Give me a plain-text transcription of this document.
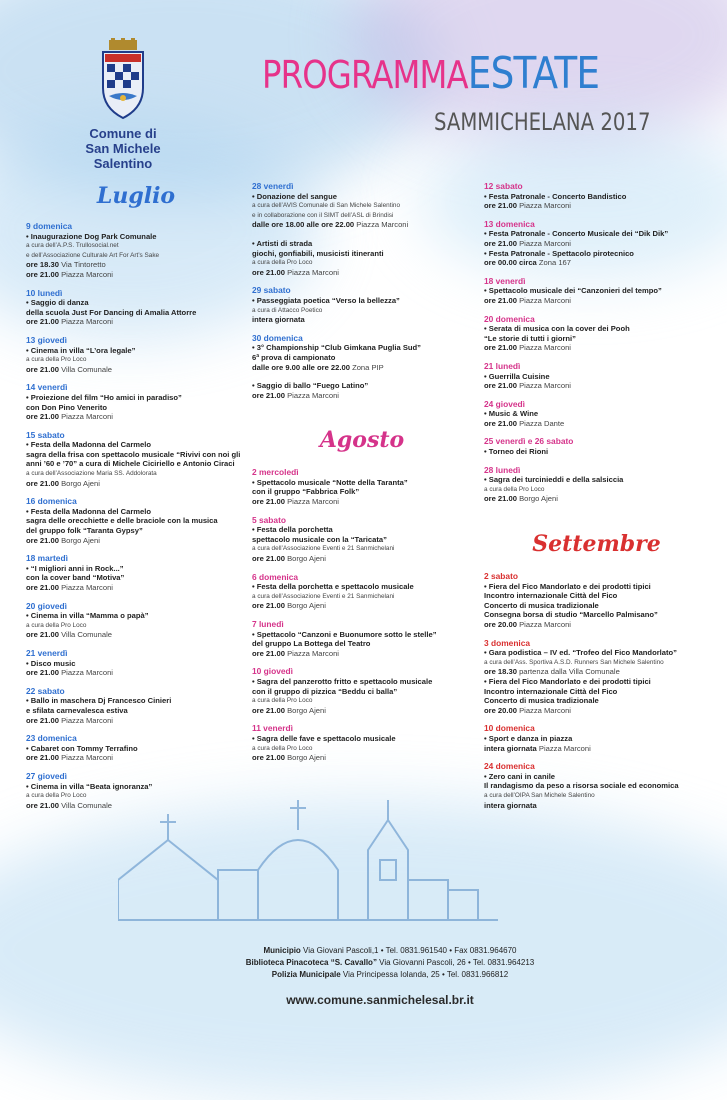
Comune di
San Michele Salentino
PROGRAMMAESTATE
SAMMICHELANA 2017
Luglio
9 domenica
• Inaugurazione Dog Park Comunale
a cura dell’A.P.S. Trullosocial.net
e dell’Associazione Culturale Art For Art’s Sake
ore 18.30 Via Tintoretto
ore 21.00 Piazza Marconi
10 lunedì
• Saggio di danza
della scuola Just For Dancing di Amalia Attorre
ore 21.00 Piazza Marconi
13 giovedì
• Cinema in villa “L’ora legale”
a cura della Pro Loco
ore 21.00 Villa Comunale
14 venerdì
• Proiezione del film “Ho amici in paradiso”
con Don Pino Venerito
ore 21.00 Piazza Marconi
15 sabato
• Festa della Madonna del Carmelo
sagra della frisa con spettacolo musicale “Rivivi con noi gli
anni ’60 e ’70” a cura di Michele Ciciriello e Antonio Ciraci
a cura dell’Associazione Maria SS. Addolorata
ore 21.00 Borgo Ajeni
16 domenica
• Festa della Madonna del Carmelo
sagra delle orecchiette e delle braciole con la musica
del gruppo folk “Taranta Gypsy”
ore 21.00 Borgo Ajeni
18 martedì
• “I migliori anni in Rock...”
con la cover band “Motiva”
ore 21.00 Piazza Marconi
20 giovedì
• Cinema in villa “Mamma o papà”
a cura della Pro Loco
ore 21.00 Villa Comunale
21 venerdì
• Disco music
ore 21.00 Piazza Marconi
22 sabato
• Ballo in maschera Dj Francesco Cinieri
e sfilata carnevalesca estiva
ore 21.00 Piazza Marconi
23 domenica
• Cabaret con Tommy Terrafino
ore 21.00 Piazza Marconi
27 giovedì
• Cinema in villa “Beata ignoranza”
a cura della Pro Loco
ore 21.00 Villa Comunale
28 venerdì
• Donazione del sangue
a cura dell’AVIS Comunale di San Michele Salentino
e in collaborazione con il SIMT dell’ASL di Brindisi
dalle ore 18.00 alle ore 22.00 Piazza Marconi
• Artisti di strada
giochi, gonfiabili, musicisti itineranti
a cura della Pro Loco
ore 21.00 Piazza Marconi
29 sabato
• Passeggiata poetica “Verso la bellezza”
a cura di Attacco Poetico
intera giornata
30 domenica
• 3° Championship “Club Gimkana Puglia Sud”
6ª prova di campionato
dalle ore 9.00 alle ore 22.00 Zona PIP
• Saggio di ballo “Fuego Latino”
ore 21.00 Piazza Marconi
Agosto
2 mercoledì
• Spettacolo musicale “Notte della Taranta”
con il gruppo “Fabbrica Folk”
ore 21.00 Piazza Marconi
5 sabato
• Festa della porchetta
spettacolo musicale con la “Taricata”
a cura dell’Associazione Eventi e 21 Sanmichelani
ore 21.00 Borgo Ajeni
6 domenica
• Festa della porchetta e spettacolo musicale
a cura dell’Associazione Eventi e 21 Sanmichelani
ore 21.00 Borgo Ajeni
7 lunedì
• Spettacolo “Canzoni e Buonumore sotto le stelle”
del gruppo La Bottega del Teatro
ore 21.00 Piazza Marconi
10 giovedì
• Sagra del panzerotto fritto e spettacolo musicale
con il gruppo di pizzica “Beddu ci balla”
a cura della Pro Loco
ore 21.00 Borgo Ajeni
11 venerdì
• Sagra delle fave e spettacolo musicale
a cura della Pro Loco
ore 21.00 Borgo Ajeni
12 sabato
• Festa Patronale - Concerto Bandistico
ore 21.00 Piazza Marconi
13 domenica
• Festa Patronale - Concerto Musicale dei “Dik Dik”
ore 21.00 Piazza Marconi
• Festa Patronale - Spettacolo pirotecnico
ore 00.00 circa Zona 167
18 venerdì
• Spettacolo musicale dei “Canzonieri del tempo”
ore 21.00 Piazza Marconi
20 domenica
• Serata di musica con la cover dei Pooh
“Le storie di tutti i giorni”
ore 21.00 Piazza Marconi
21 lunedì
• Guerrilla Cuisine
ore 21.00 Piazza Marconi
24 giovedì
• Music & Wine
ore 21.00 Piazza Dante
25 venerdì e 26 sabato
• Torneo dei Rioni
28 lunedì
• Sagra dei turcinieddi e della salsiccia
a cura della Pro Loco
ore 21.00 Borgo Ajeni
Settembre
2 sabato
• Fiera del Fico Mandorlato e dei prodotti tipici
Incontro internazionale Città del Fico
Concerto di musica tradizionale
Consegna borsa di studio “Marcello Palmisano”
ore 20.00 Piazza Marconi
3 domenica
• Gara podistica – IV ed. “Trofeo del Fico Mandorlato”
a cura dell’Ass. Sportiva A.S.D. Runners San Michele Salentino
ore 18.30 partenza dalla Villa Comunale
• Fiera del Fico Mandorlato e dei prodotti tipici
Incontro internazionale Città del Fico
Concerto di musica tradizionale
ore 20.00 Piazza Marconi
10 domenica
• Sport e danza in piazza
intera giornata Piazza Marconi
24 domenica
• Zero cani in canile
Il randagismo da peso a risorsa sociale ed economica
a cura dell’OIPA San Michele Salentino
intera giornata
Municipio Via Giovani Pascoli,1 • Tel. 0831.961540 • Fax 0831.964670
Biblioteca Pinacoteca “S. Cavallo” Via Giovanni Pascoli, 26 • Tel. 0831.964213
Polizia Municipale Via Principessa Iolanda, 25 • Tel. 0831.966812
www.comune.sanmichelesal.br.it
